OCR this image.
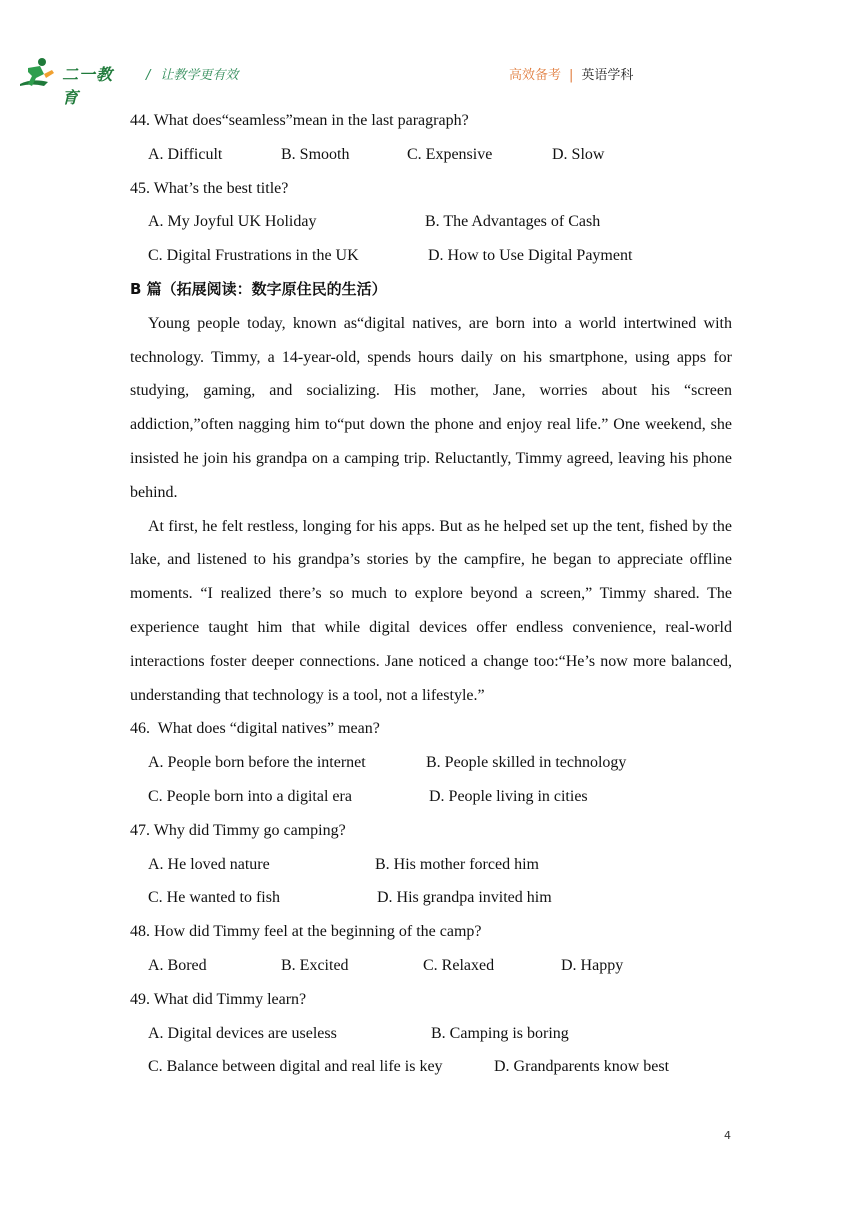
二一教育
/ 让教学更有效	高效备考 | 英语学科
44. What does“seamless”mean in the last paragraph?
A. Difficult	B. Smooth	C. Expensive	D. Slow
45. What’s the best title?
A. My Joyful UK Holiday	B. The Advantages of Cash
C. Digital Frustrations in the UK	D. How to Use Digital Payment
B 篇（拓展阅读：数字原住民的生活）

Young people today, known as“digital natives, are born into a world intertwined with technology. Timmy, a 14-year-old, spends hours daily on his smartphone, using apps for studying, gaming, and socializing. His mother, Jane, worries about his “screen addiction,”often nagging him to“put down the phone and enjoy real life.” One weekend, she insisted he join his grandpa on a camping trip. Reluctantly, Timmy agreed, leaving his phone behind.

At first, he felt restless, longing for his apps. But as he helped set up the tent, fished by the lake, and listened to his grandpa’s stories by the campfire, he began to appreciate offline moments. “I realized there’s so much to explore beyond a screen,” Timmy shared. The experience taught him that while digital devices offer endless convenience, real-world interactions foster deeper connections. Jane noticed a change too:“He’s now more balanced, understanding that technology is a tool, not a lifestyle.”

46.  What does “digital natives” mean?
A. People born before the internet	B. People skilled in technology
C. People born into a digital era	D. People living in cities
47. Why did Timmy go camping?
A. He loved nature	B. His mother forced him
C. He wanted to fish	D. His grandpa invited him
48. How did Timmy feel at the beginning of the camp?
A. Bored	B. Excited	C. Relaxed	D. Happy
49. What did Timmy learn?
A. Digital devices are useless	B. Camping is boring
C. Balance between digital and real life is key	D. Grandparents know best
4
